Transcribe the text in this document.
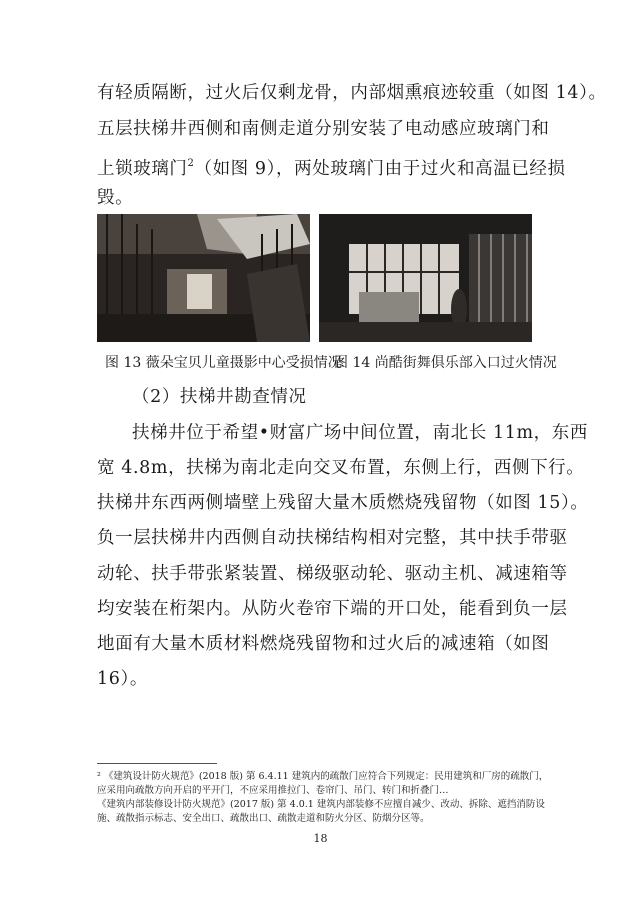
有轻质隔断，过火后仅剩龙骨，内部烟熏痕迹较重（如图 14）。
五层扶梯井西侧和南侧走道分别安装了电动感应玻璃门和
上锁玻璃门$^2$（如图 9），两处玻璃门由于过火和高温已经损
毁。
图 13 薇朵宝贝儿童摄影中心受损情况
图 14 尚酷街舞俱乐部入口过火情况
（2）扶梯井勘查情况
扶梯井位于希望•财富广场中间位置，南北长 11m，东西
宽 4.8m，扶梯为南北走向交叉布置，东侧上行，西侧下行。
扶梯井东西两侧墙壁上残留大量木质燃烧残留物（如图 15）。
负一层扶梯井内西侧自动扶梯结构相对完整，其中扶手带驱
动轮、扶手带张紧装置、梯级驱动轮、驱动主机、减速箱等
均安装在桁架内。从防火卷帘下端的开口处，能看到负一层
地面有大量木质材料燃烧残留物和过火后的减速箱（如图
16）。
² 《建筑设计防火规范》(2018 版) 第 6.4.11 建筑内的疏散门应符合下列规定：民用建筑和厂房的疏散门，
应采用向疏散方向开启的平开门，不应采用推拉门、卷帘门、吊门、转门和折叠门…
《建筑内部装修设计防火规范》(2017 版) 第 4.0.1 建筑内部装修不应擅自减少、改动、拆除、遮挡消防设
施、疏散指示标志、安全出口、疏散出口、疏散走道和防火分区、防烟分区等。
18
